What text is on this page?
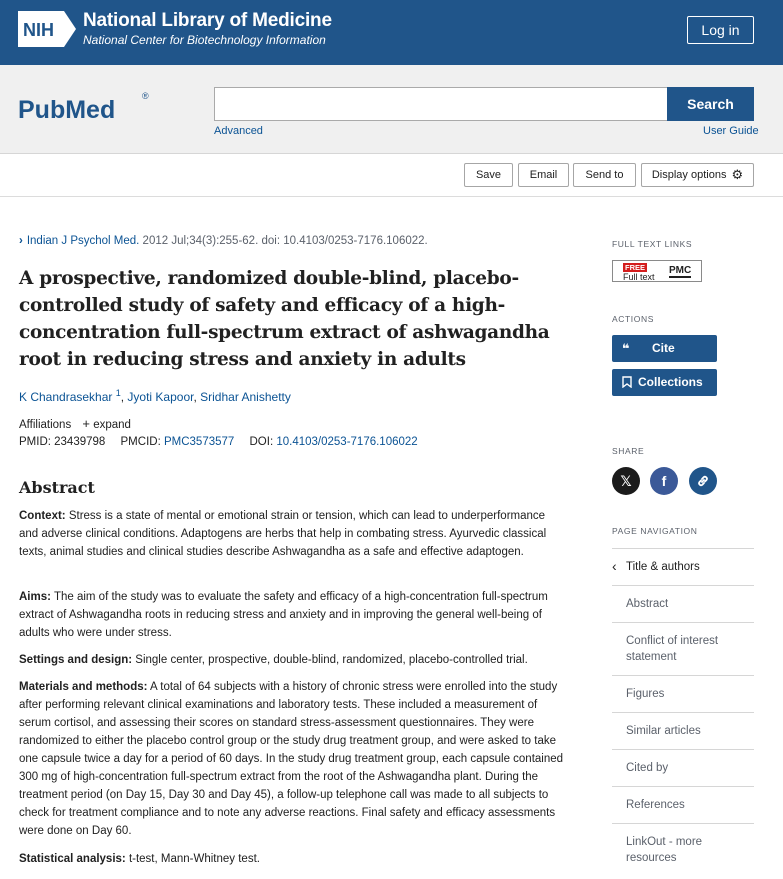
NIH National Library of Medicine
National Center for Biotechnology Information
Log in
PubMed	®	Search
Advanced	User Guide
Save	Email	Send to	Display options ⚙
› Indian J Psychol Med. 2012 Jul;34(3):255-62. doi: 10.4103/0253-7176.106022.
A prospective, randomized double-blind, placebo-controlled study of safety and efficacy of a high-concentration full-spectrum extract of ashwagandha root in reducing stress and anxiety in adults
K Chandrasekhar $^1$, Jyoti Kapoor, Sridhar Anishetty
Affiliations + expand
PMID: 23439798 PMCID: PMC3573577 DOI: 10.4103/0253-7176.106022
Abstract

Context: Stress is a state of mental or emotional strain or tension, which can lead to underperformance and adverse clinical conditions. Adaptogens are herbs that help in combating stress. Ayurvedic classical texts, animal studies and clinical studies describe Ashwagandha as a safe and effective adaptogen.

Aims: The aim of the study was to evaluate the safety and efficacy of a high-concentration full-spectrum extract of Ashwagandha roots in reducing stress and anxiety and in improving the general well-being of adults who were under stress.

Settings and design: Single center, prospective, double-blind, randomized, placebo-controlled trial.

Materials and methods: A total of 64 subjects with a history of chronic stress were enrolled into the study after performing relevant clinical examinations and laboratory tests. These included a measurement of serum cortisol, and assessing their scores on standard stress-assessment questionnaires. They were randomized to either the placebo control group or the study drug treatment group, and were asked to take one capsule twice a day for a period of 60 days. In the study drug treatment group, each capsule contained 300 mg of high-concentration full-spectrum extract from the root of the Ashwagandha plant. During the treatment period (on Day 15, Day 30 and Day 45), a follow-up telephone call was made to all subjects to check for treatment compliance and to note any adverse reactions. Final safety and efficacy assessments were done on Day 60.

Statistical analysis: t-test, Mann-Whitney test.

FULL TEXT LINKS
FREE
Full text
PMC
ACTIONS
❝ Cite
Collections
SHARE
𝕏	f
PAGE NAVIGATION
‹ Title & authors
Abstract
Conflict of interest statement
Figures
Similar articles
Cited by
References
LinkOut - more resources
